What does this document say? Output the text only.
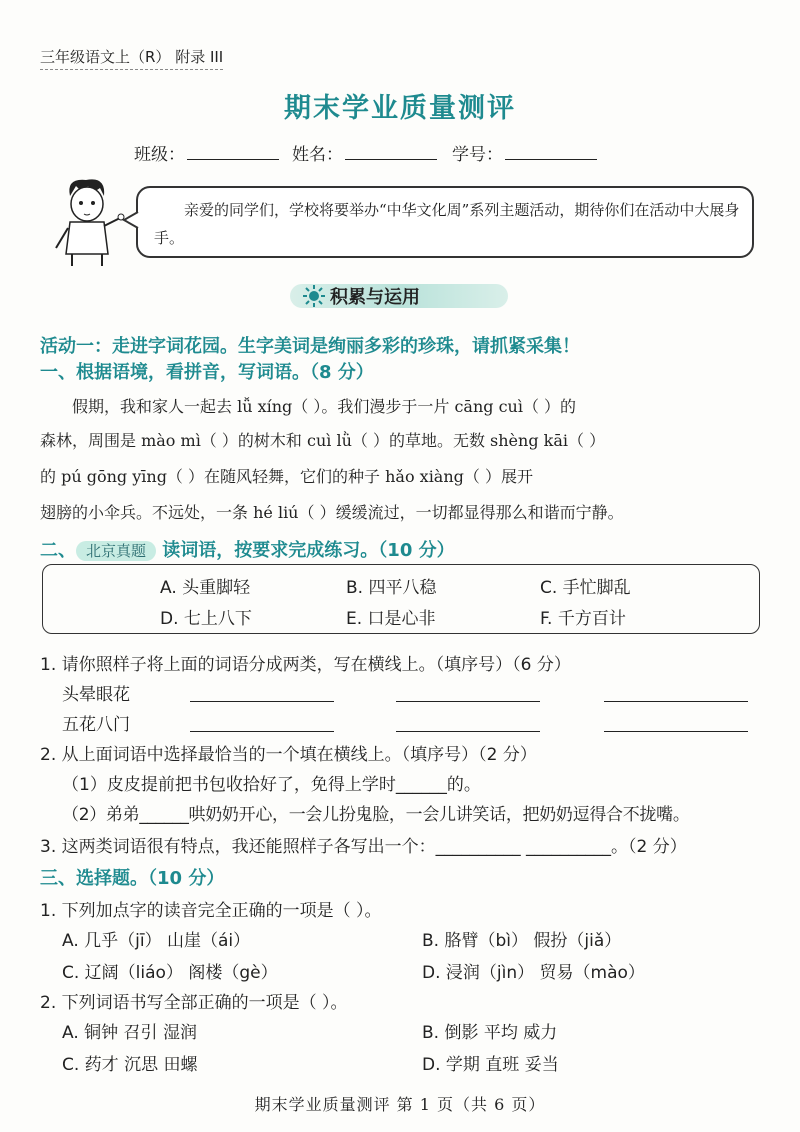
三年级语文上（R） 附录 III
期末学业质量测评
班级：	姓名：	学号：
亲爱的同学们，学校将要举办“中华文化周”系列主题活动，期待你们在活动中大展身手。
积累与运用
活动一：走进字词花园。生字美词是绚丽多彩的珍珠，请抓紧采集！
一、根据语境，看拼音，写词语。（8 分）
假期，我和家人一起去 lǚ xíng（ ）。我们漫步于一片 cāng cuì（ ）的
森林，周围是 mào mì（ ）的树木和 cuì lǜ（ ）的草地。无数 shèng kāi（ ）
的 pú gōng yīng（ ）在随风轻舞，它们的种子 hǎo xiàng（ ）展开
翅膀的小伞兵。不远处，一条 hé liú（ ）缓缓流过，一切都显得那么和谐而宁静。
二、 北京真题 读词语，按要求完成练习。（10 分）
A. 头重脚轻	B. 四平八稳	C. 手忙脚乱
D. 七上八下	E. 口是心非	F. 千方百计
1. 请你照样子将上面的词语分成两类，写在横线上。（填序号）（6 分）
头晕眼花
五花八门
2. 从上面词语中选择最恰当的一个填在横线上。（填序号）（2 分）
（1）皮皮提前把书包收拾好了，免得上学时______的。
（2）弟弟______哄奶奶开心，一会儿扮鬼脸，一会儿讲笑话，把奶奶逗得合不拢嘴。
3. 这两类词语很有特点，我还能照样子各写出一个：__________ __________。（2 分）
三、选择题。（10 分）
1. 下列加点字的读音完全正确的一项是（ ）。
A. 几乎（jī） 山崖（ái）	B. 胳臂（bì） 假扮（jiǎ）
C. 辽阔（liáo） 阁楼（gè）	D. 浸润（jìn） 贸易（mào）
2. 下列词语书写全部正确的一项是（ ）。
A. 铜钟 召引 湿润	B. 倒影 平均 威力
C. 药才 沉思 田螺	D. 学期 直班 妥当
期末学业质量测评 第 1 页（共 6 页）
